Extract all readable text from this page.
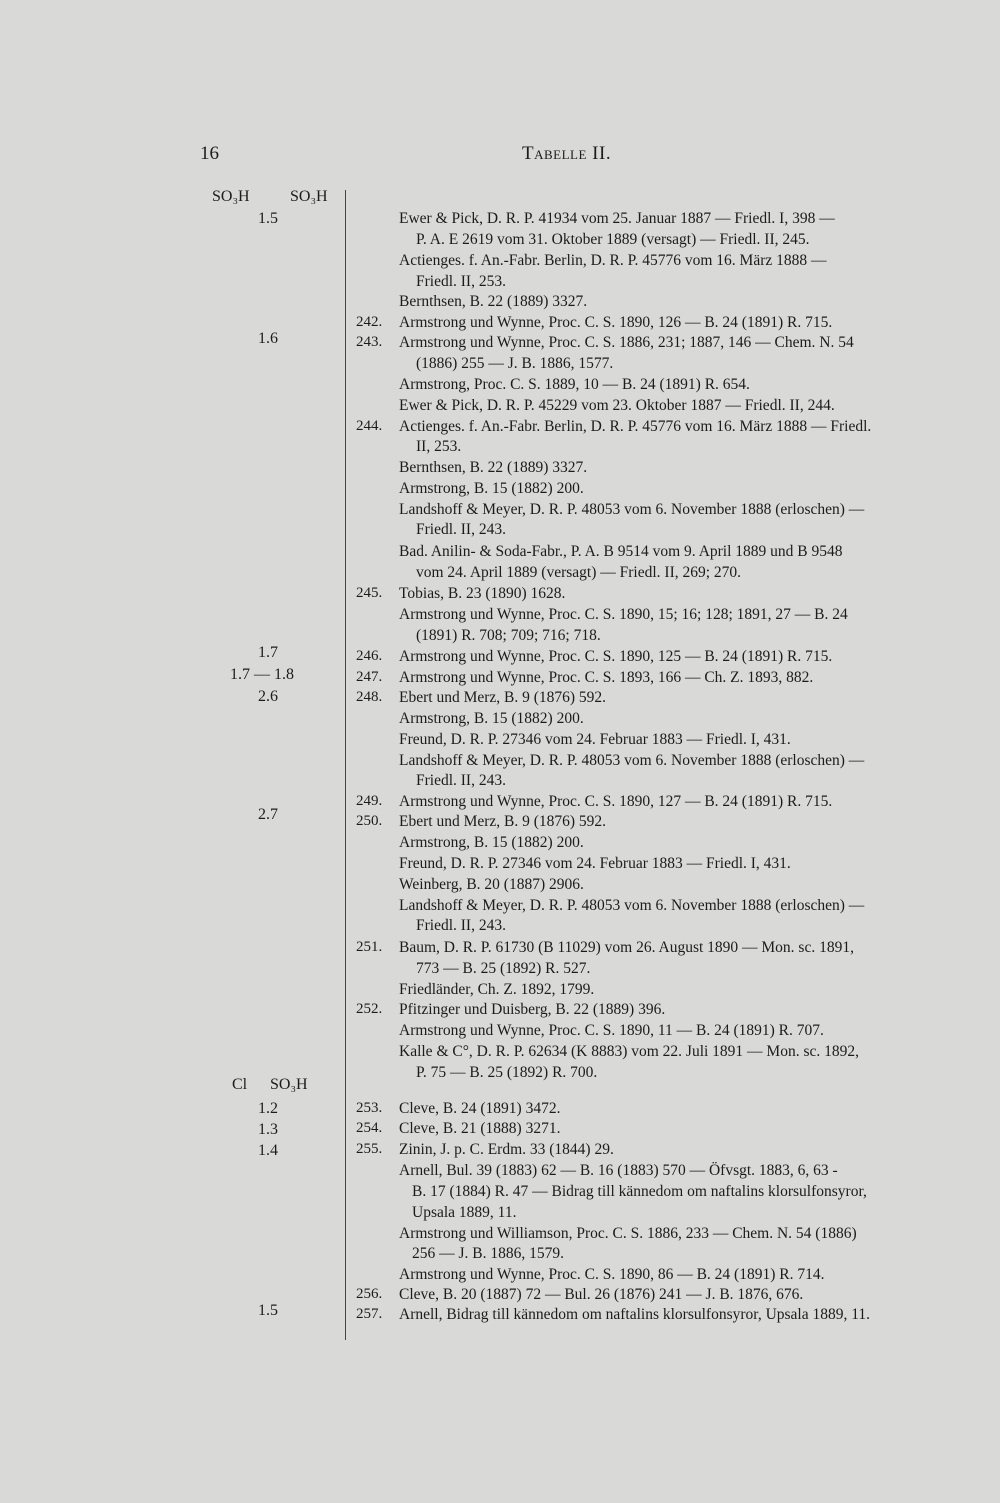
16	Tabelle II.
SO₃H	SO₃H
1.5
1.6
1.7
1.7 — 1.8
2.6
2.7
Cl SO₃H
1.2
1.3
1.4
1.5
242.
243.
244.
245.
246.
247.
248.
249.
250.
251.
252.
253.
254.
255.
256.
257.
Ewer & Pick, D. R. P. 41934 vom 25. Januar 1887 — Friedl. I, 398 —
P. A. E 2619 vom 31. Oktober 1889 (versagt) — Friedl. II, 245.
Actienges. f. An.-Fabr. Berlin, D. R. P. 45776 vom 16. März 1888 —
Friedl. II, 253.
Bernthsen, B. 22 (1889) 3327.
Armstrong und Wynne, Proc. C. S. 1890, 126 — B. 24 (1891) R. 715.
Armstrong und Wynne, Proc. C. S. 1886, 231; 1887, 146 — Chem. N. 54
(1886) 255 — J. B. 1886, 1577.
Armstrong, Proc. C. S. 1889, 10 — B. 24 (1891) R. 654.
Ewer & Pick, D. R. P. 45229 vom 23. Oktober 1887 — Friedl. II, 244.
Actienges. f. An.-Fabr. Berlin, D. R. P. 45776 vom 16. März 1888 — Friedl.
II, 253.
Bernthsen, B. 22 (1889) 3327.
Armstrong, B. 15 (1882) 200.
Landshoff & Meyer, D. R. P. 48053 vom 6. November 1888 (erloschen) —
Friedl. II, 243.
Bad. Anilin- & Soda-Fabr., P. A. B 9514 vom 9. April 1889 und B 9548
vom 24. April 1889 (versagt) — Friedl. II, 269; 270.
Tobias, B. 23 (1890) 1628.
Armstrong und Wynne, Proc. C. S. 1890, 15; 16; 128; 1891, 27 — B. 24
(1891) R. 708; 709; 716; 718.
Armstrong und Wynne, Proc. C. S. 1890, 125 — B. 24 (1891) R. 715.
Armstrong und Wynne, Proc. C. S. 1893, 166 — Ch. Z. 1893, 882.
Ebert und Merz, B. 9 (1876) 592.
Armstrong, B. 15 (1882) 200.
Freund, D. R. P. 27346 vom 24. Februar 1883 — Friedl. I, 431.
Landshoff & Meyer, D. R. P. 48053 vom 6. November 1888 (erloschen) —
Friedl. II, 243.
Armstrong und Wynne, Proc. C. S. 1890, 127 — B. 24 (1891) R. 715.
Ebert und Merz, B. 9 (1876) 592.
Armstrong, B. 15 (1882) 200.
Freund, D. R. P. 27346 vom 24. Februar 1883 — Friedl. I, 431.
Weinberg, B. 20 (1887) 2906.
Landshoff & Meyer, D. R. P. 48053 vom 6. November 1888 (erloschen) —
Friedl. II, 243.
Baum, D. R. P. 61730 (B 11029) vom 26. August 1890 — Mon. sc. 1891,
773 — B. 25 (1892) R. 527.
Friedländer, Ch. Z. 1892, 1799.
Pfitzinger und Duisberg, B. 22 (1889) 396.
Armstrong und Wynne, Proc. C. S. 1890, 11 — B. 24 (1891) R. 707.
Kalle & C°, D. R. P. 62634 (K 8883) vom 22. Juli 1891 — Mon. sc. 1892,
P. 75 — B. 25 (1892) R. 700.
Cleve, B. 24 (1891) 3472.
Cleve, B. 21 (1888) 3271.
Zinin, J. p. C. Erdm. 33 (1844) 29.
Arnell, Bul. 39 (1883) 62 — B. 16 (1883) 570 — Öfvsgt. 1883, 6, 63 -
B. 17 (1884) R. 47 — Bidrag till kännedom om naftalins klorsulfonsyror,
Upsala 1889, 11.
Armstrong und Williamson, Proc. C. S. 1886, 233 — Chem. N. 54 (1886)
256 — J. B. 1886, 1579.
Armstrong und Wynne, Proc. C. S. 1890, 86 — B. 24 (1891) R. 714.
Cleve, B. 20 (1887) 72 — Bul. 26 (1876) 241 — J. B. 1876, 676.
Arnell, Bidrag till kännedom om naftalins klorsulfonsyror, Upsala 1889, 11.
